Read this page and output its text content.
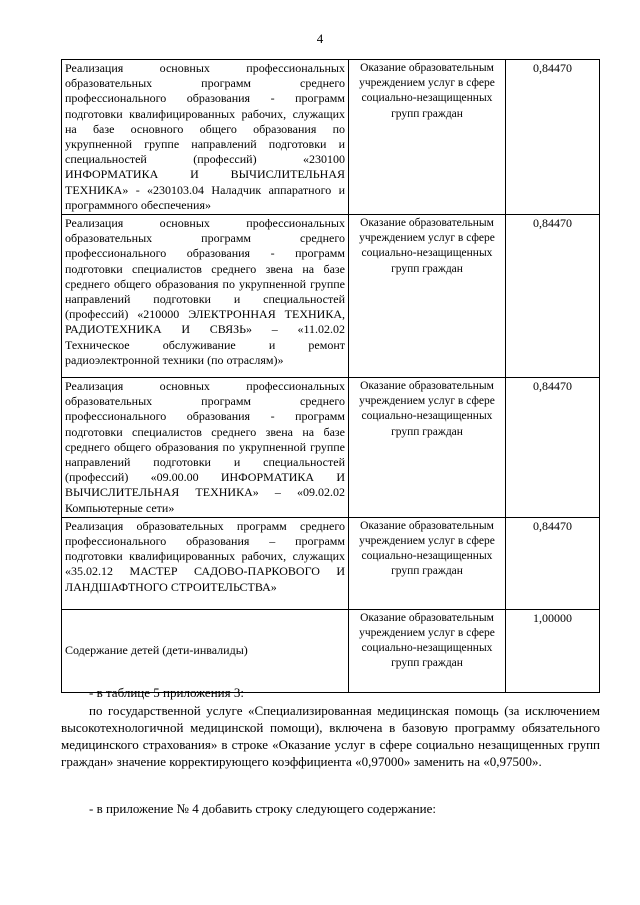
4
Реализация основных профессиональных образовательных программ среднего профессионального образования - программ подготовки квалифицированных рабочих, служащих на базе основного общего образования по укрупненной группе направлений подготовки и специальностей (профессий) «230100 ИНФОРМАТИКА И ВЫЧИСЛИТЕЛЬНАЯ ТЕХНИКА» - «230103.04 Наладчик аппаратного и программного обеспечения»	Оказание образовательным учреждением услуг в сфере социально-незащищенных групп граждан	0,84470
Реализация основных профессиональных образовательных программ среднего профессионального образования - программ подготовки специалистов среднего звена на базе среднего общего образования по укрупненной группе направлений подготовки и специальностей (профессий) «210000 ЭЛЕКТРОННАЯ ТЕХНИКА, РАДИОТЕХНИКА И СВЯЗЬ» – «11.02.02 Техническое обслуживание и ремонт радиоэлектронной техники (по отраслям)»	Оказание образовательным учреждением услуг в сфере социально-незащищенных групп граждан	0,84470
Реализация основных профессиональных образовательных программ среднего профессионального образования - программ подготовки специалистов среднего звена на базе среднего общего образования по укрупненной группе направлений подготовки и специальностей (профессий) «09.00.00 ИНФОРМАТИКА И ВЫЧИСЛИТЕЛЬНАЯ ТЕХНИКА» – «09.02.02 Компьютерные сети»	Оказание образовательным учреждением услуг в сфере социально-незащищенных групп граждан	0,84470
Реализация образовательных программ среднего профессионального образования – программ подготовки квалифицированных рабочих, служащих «35.02.12 МАСТЕР САДОВО-ПАРКОВОГО И ЛАНДШАФТНОГО СТРОИТЕЛЬСТВА»	Оказание образовательным учреждением услуг в сфере социально-незащищенных групп граждан	0,84470
Содержание детей (дети-инвалиды)	Оказание образовательным учреждением услуг в сфере социально-незащищенных групп граждан	1,00000
- в таблице 5 приложения 3:
по государственной услуге «Специализированная медицинская помощь (за исключением высокотехнологичной медицинской помощи), включена в базовую программу обязательного медицинского страхования» в строке «Оказание услуг в сфере социально незащищенных групп граждан» значение корректирующего коэффициента «0,97000» заменить на «0,97500».
- в приложение № 4 добавить строку следующего содержание:
